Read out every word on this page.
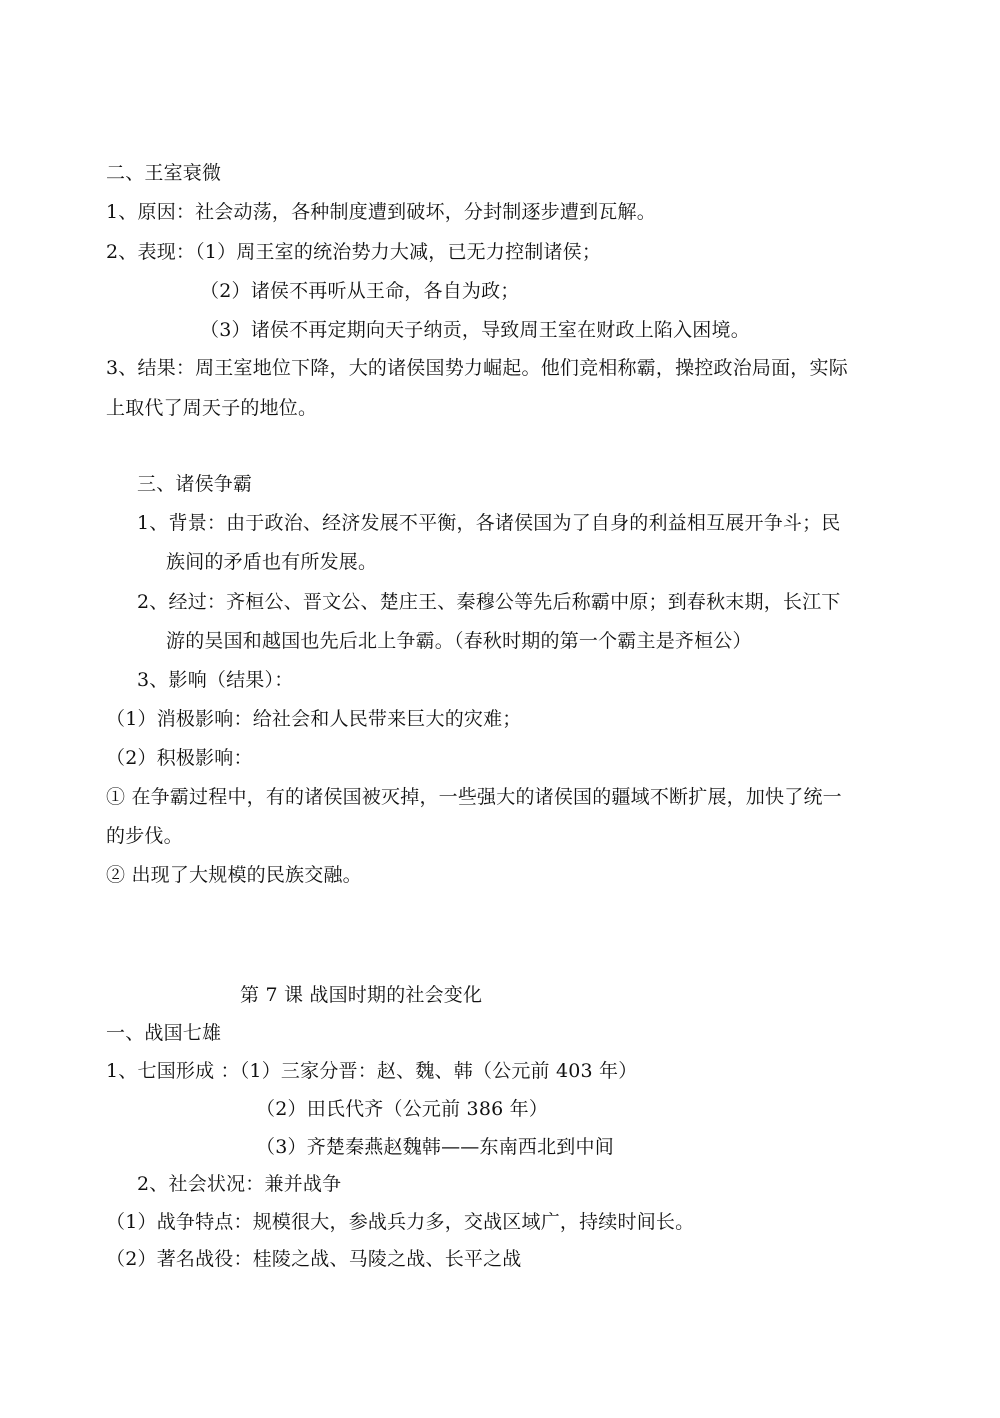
二、王室衰微
1、原因：社会动荡，各种制度遭到破坏，分封制逐步遭到瓦解。
2、表现：（1）周王室的统治势力大减，已无力控制诸侯；
（2）诸侯不再听从王命，各自为政；
（3）诸侯不再定期向天子纳贡，导致周王室在财政上陷入困境。
3、结果：周王室地位下降，大的诸侯国势力崛起。他们竞相称霸，操控政治局面，实际
上取代了周天子的地位。
三、诸侯争霸
1、背景：由于政治、经济发展不平衡，各诸侯国为了自身的利益相互展开争斗；民
族间的矛盾也有所发展。
2、经过：齐桓公、晋文公、楚庄王、秦穆公等先后称霸中原；到春秋末期，长江下
游的吴国和越国也先后北上争霸。（春秋时期的第一个霸主是齐桓公）
3、影响（结果）：
（1）消极影响：给社会和人民带来巨大的灾难；
（2）积极影响：
① 在争霸过程中，有的诸侯国被灭掉，一些强大的诸侯国的疆域不断扩展，加快了统一
的步伐。
② 出现了大规模的民族交融。
第 7 课 战国时期的社会变化
一、战国七雄
1、七国形成 ：（1）三家分晋：赵、魏、韩（公元前 403 年）
（2）田氏代齐（公元前 386 年）
（3）齐楚秦燕赵魏韩——东南西北到中间
2、社会状况：兼并战争
（1）战争特点：规模很大，参战兵力多，交战区域广，持续时间长。
（2）著名战役：桂陵之战、马陵之战、长平之战
